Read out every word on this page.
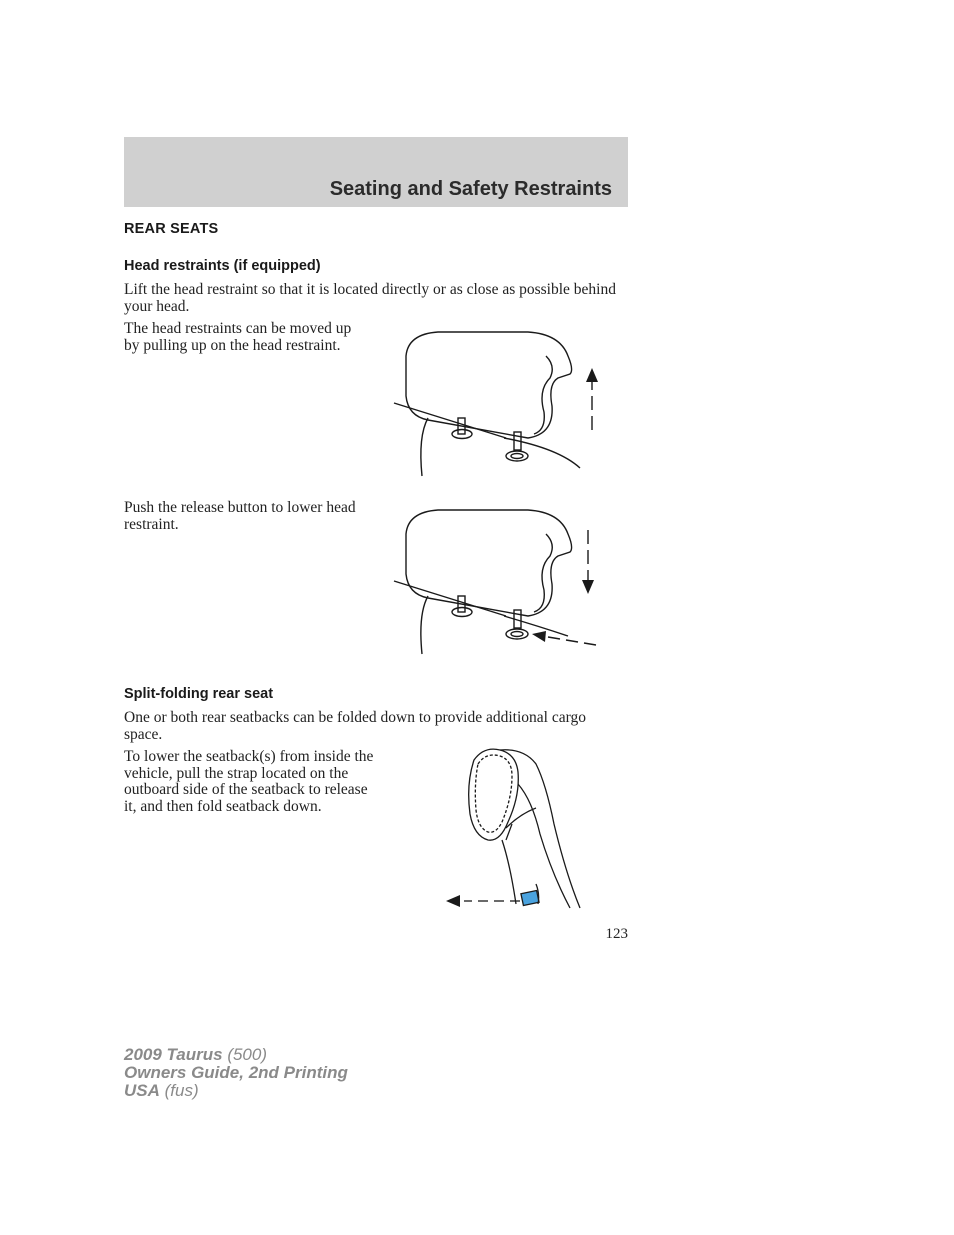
Seating and Safety Restraints
REAR SEATS
Head restraints (if equipped)
Lift the head restraint so that it is located directly or as close as possible behind your head.
The head restraints can be moved up by pulling up on the head restraint.
Push the release button to lower head restraint.
Split-folding rear seat
One or both rear seatbacks can be folded down to provide additional cargo space.
To lower the seatback(s) from inside the vehicle, pull the strap located on the outboard side of the seatback to release it, and then fold seatback down.
123
2009 Taurus (500)
Owners Guide, 2nd Printing
USA (fus)
